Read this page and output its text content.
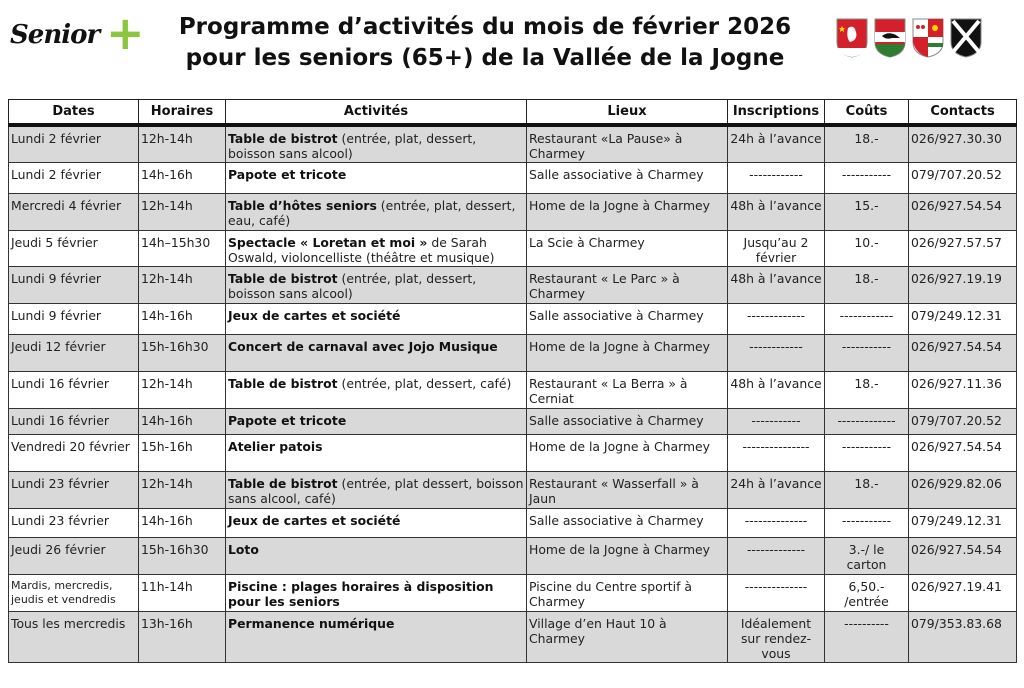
Senior +	Programme d’activités du mois de février 2026
pour les seniors (65+) de la Vallée de la Jogne
Dates	Horaires	Activités	Lieux	Inscriptions	Coûts	Contacts
Lundi 2 février	12h-14h	Table de bistrot (entrée, plat, dessert, boisson sans alcool)	Restaurant «La Pause» à Charmey	24h à l’avance	18.-	026/927.30.30
Lundi 2 février	14h-16h	Papote et tricote	Salle associative à Charmey	------------	-----------	079/707.20.52
Mercredi 4 février	12h-14h	Table d’hôtes seniors (entrée, plat, dessert, eau, café)	Home de la Jogne à Charmey	48h à l’avance	15.-	026/927.54.54
Jeudi 5 février	14h–15h30	Spectacle « Loretan et moi » de Sarah Oswald, violoncelliste (théâtre et musique)	La Scie à Charmey	Jusqu’au 2 février	10.-	026/927.57.57
Lundi 9 février	12h-14h	Table de bistrot (entrée, plat, dessert, boisson sans alcool)	Restaurant « Le Parc » à Charmey	48h à l’avance	18.-	026/927.19.19
Lundi 9 février	14h-16h	Jeux de cartes et société	Salle associative à Charmey	-------------	------------	079/249.12.31
Jeudi 12 février	15h-16h30	Concert de carnaval avec Jojo Musique	Home de la Jogne à Charmey	------------	-----------	026/927.54.54
Lundi 16 février	12h-14h	Table de bistrot (entrée, plat, dessert, café)	Restaurant « La Berra » à Cerniat	48h à l’avance	18.-	026/927.11.36
Lundi 16 février	14h-16h	Papote et tricote	Salle associative à Charmey	-----------	-------------	079/707.20.52
Vendredi 20 février	15h-16h	Atelier patois	Home de la Jogne à Charmey	---------------	-----------	026/927.54.54
Lundi 23 février	12h-14h	Table de bistrot (entrée, plat dessert, boisson sans alcool, café)	Restaurant « Wasserfall » à Jaun	24h à l’avance	18.-	026/929.82.06
Lundi 23 février	14h-16h	Jeux de cartes et société	Salle associative à Charmey	--------------	-----------	079/249.12.31
Jeudi 26 février	15h-16h30	Loto	Home de la Jogne à Charmey	-------------	3.-/ le carton	026/927.54.54
Mardis, mercredis, jeudis et vendredis	11h-14h	Piscine : plages horaires à disposition pour les seniors	Piscine du Centre sportif à Charmey	--------------	6,50.- /entrée	026/927.19.41
Tous les mercredis	13h-16h	Permanence numérique	Village d’en Haut 10 à Charmey	Idéalement sur rendez-vous	----------	079/353.83.68
